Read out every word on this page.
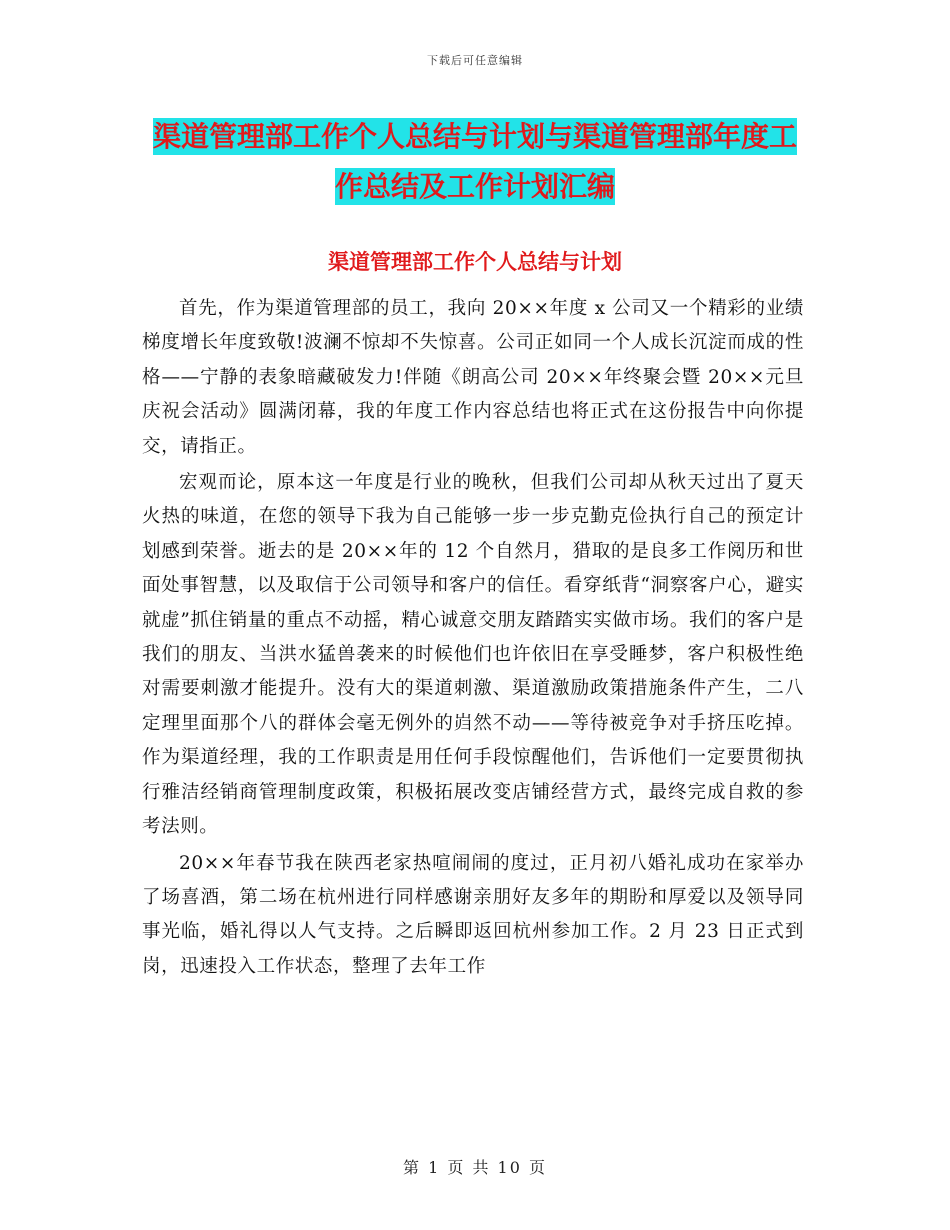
下载后可任意编辑
渠道管理部工作个人总结与计划与渠道管理部年度工
作总结及工作计划汇编
渠道管理部工作个人总结与计划

首先，作为渠道管理部的员工，我向 20××年度 x 公司又一个精彩的业绩梯度增长年度致敬!波澜不惊却不失惊喜。公司正如同一个人成长沉淀而成的性格——宁静的表象暗藏破发力!伴随《朗高公司 20××年终聚会暨 20××元旦庆祝会活动》圆满闭幕，我的年度工作内容总结也将正式在这份报告中向你提交，请指正。

宏观而论，原本这一年度是行业的晚秋，但我们公司却从秋天过出了夏天火热的味道，在您的领导下我为自己能够一步一步克勤克俭执行自己的预定计划感到荣誉。逝去的是 20××年的 12 个自然月，猎取的是良多工作阅历和世面处事智慧，以及取信于公司领导和客户的信任。看穿纸背“洞察客户心，避实就虚”抓住销量的重点不动摇，精心诚意交朋友踏踏实实做市场。我们的客户是我们的朋友、当洪水猛兽袭来的时候他们也许依旧在享受睡梦，客户积极性绝对需要刺激才能提升。没有大的渠道刺激、渠道激励政策措施条件产生，二八定理里面那个八的群体会毫无例外的岿然不动——等待被竞争对手挤压吃掉。作为渠道经理，我的工作职责是用任何手段惊醒他们，告诉他们一定要贯彻执行雅洁经销商管理制度政策，积极拓展改变店铺经营方式，最终完成自救的参考法则。

20××年春节我在陕西老家热喧闹闹的度过，正月初八婚礼成功在家举办了场喜酒，第二场在杭州进行同样感谢亲朋好友多年的期盼和厚爱以及领导同事光临，婚礼得以人气支持。之后瞬即返回杭州参加工作。2 月 23 日正式到岗，迅速投入工作状态，整理了去年工作

第 1 页 共 10 页
